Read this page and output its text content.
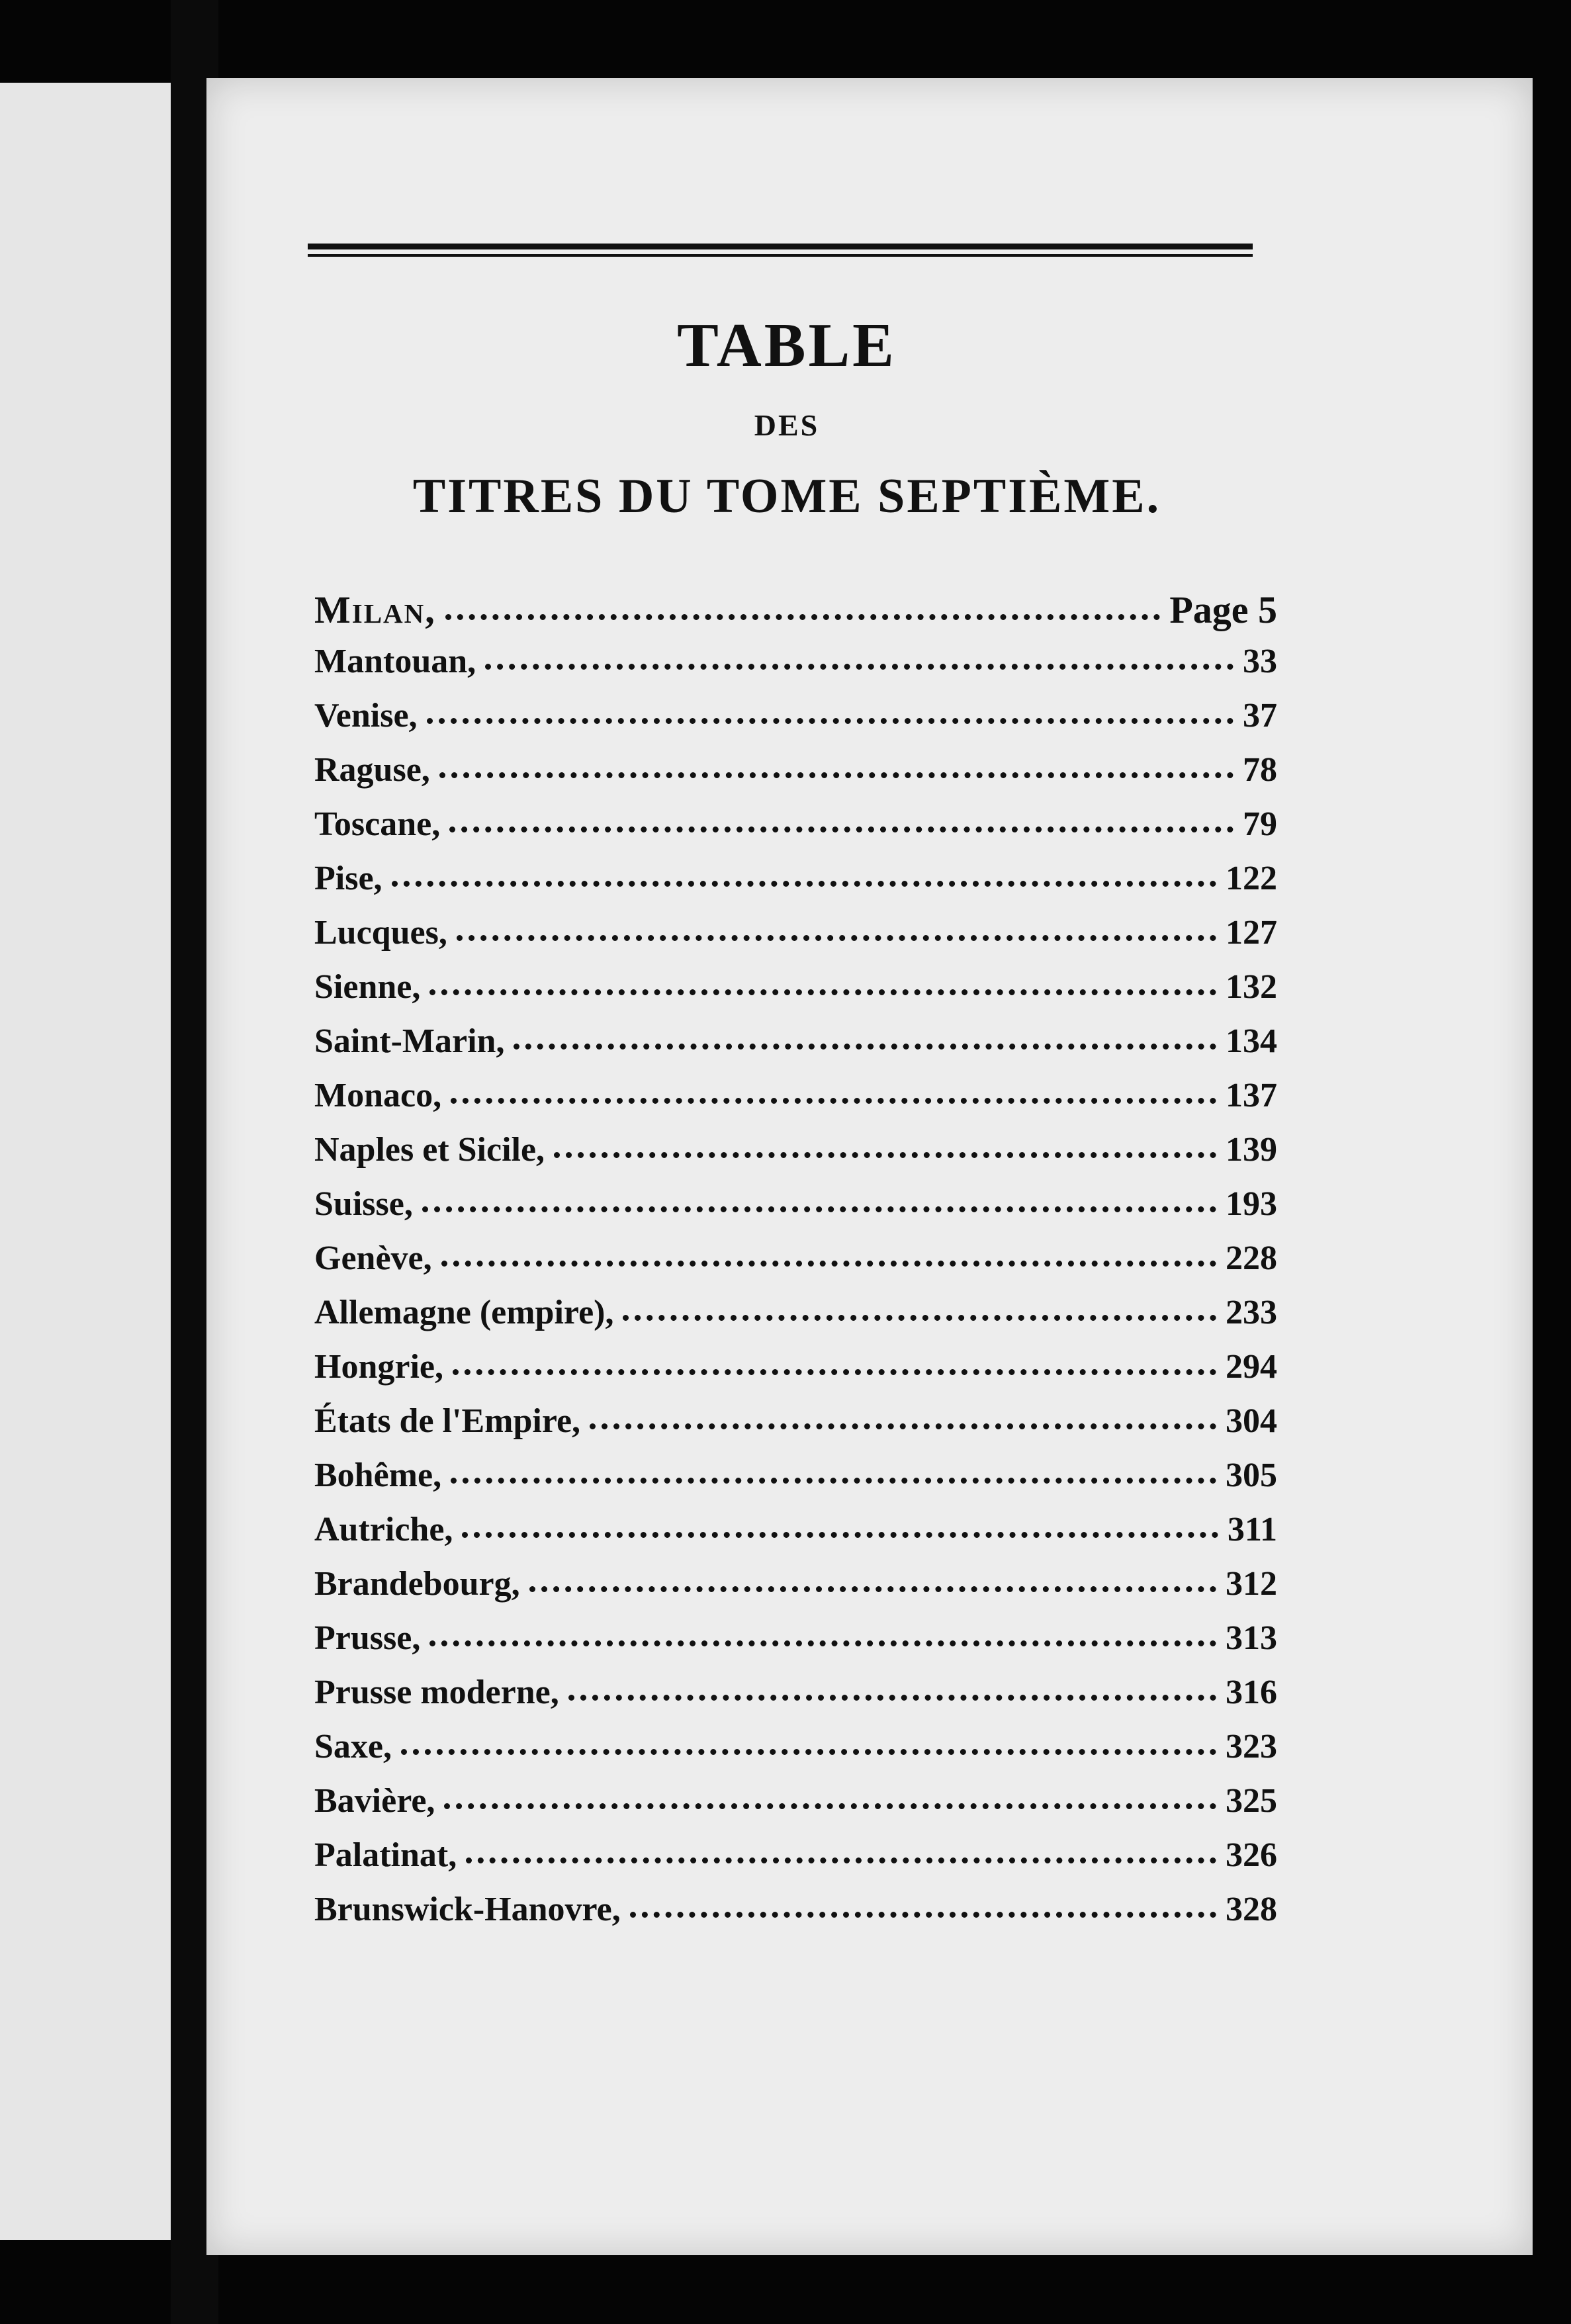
TABLE
DES
TITRES DU TOME SEPTIÈME.
Milan,	Page 5
Mantouan,	33
Venise,	37
Raguse,	78
Toscane,	79
Pise,	122
Lucques,	127
Sienne,	132
Saint-Marin,	134
Monaco,	137
Naples et Sicile,	139
Suisse,	193
Genève,	228
Allemagne (empire),	233
Hongrie,	294
États de l'Empire,	304
Bohême,	305
Autriche,	311
Brandebourg,	312
Prusse,	313
Prusse moderne,	316
Saxe,	323
Bavière,	325
Palatinat,	326
Brunswick-Hanovre,	328
